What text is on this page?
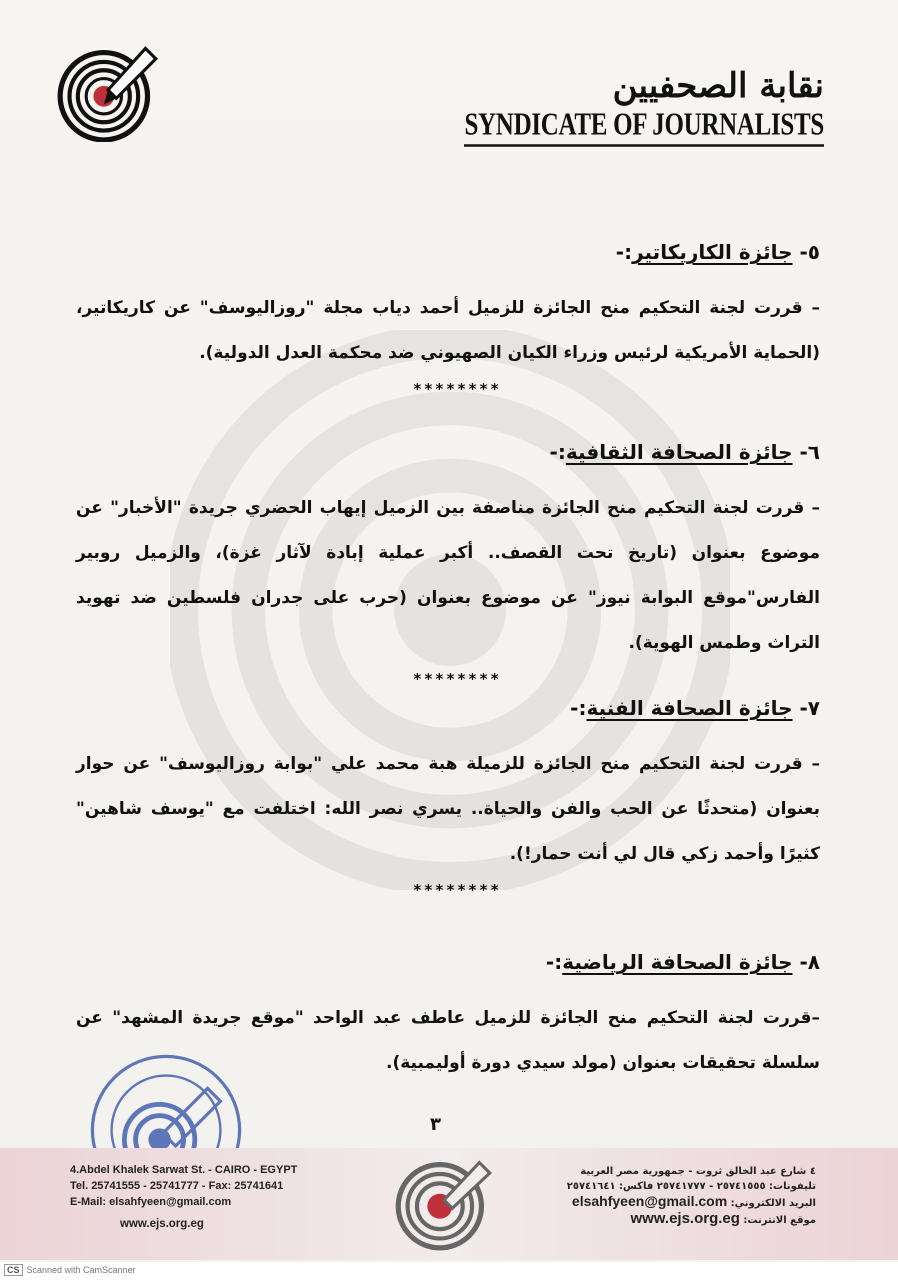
نقابة الصحفيين
SYNDICATE OF JOURNALISTS
٥- جائزة الكاريكاتير:-

– قررت لجنة التحكيم منح الجائزة للزميل أحمد دياب مجلة "روزاليوسف" عن كاريكاتير، (الحماية الأمريكية لرئيس وزراء الكيان الصهيوني ضد محكمة العدل الدولية).

********
٦- جائزة الصحافة الثقافية:-

– قررت لجنة التحكيم منح الجائزة مناصفة بين الزميل إيهاب الحضري جريدة "الأخبار" عن موضوع بعنوان (تاريخ تحت القصف.. أكبر عملية إبادة لآثار غزة)، والزميل روبير الفارس"موقع البوابة نيوز" عن موضوع بعنوان (حرب على جدران فلسطين ضد تهويد التراث وطمس الهوية).

********
٧- جائزة الصحافة الفنية:-

– قررت لجنة التحكيم منح الجائزة للزميلة هبة محمد علي "بوابة روزاليوسف" عن حوار بعنوان (متحدثًا عن الحب والفن والحياة.. يسري نصر الله: اختلفت مع "يوسف شاهين" كثيرًا وأحمد زكي قال لي أنت حمار!).

********
٨- جائزة الصحافة الرياضية:-

–قررت لجنة التحكيم منح الجائزة للزميل عاطف عبد الواحد "موقع جريدة المشهد" عن سلسلة تحقيقات بعنوان (مولد سيدي دورة أوليمبية).

٣
4.Abdel Khalek Sarwat St. - CAIRO - EGYPT
Tel. 25741555 - 25741777 - Fax: 25741641
E-Mail: elsahfyeen@gmail.com
www.ejs.org.eg
٤ شارع عبد الخالق ثروت - جمهورية مصر العربية
تليفونات: ٢٥٧٤١٥٥٥ - ٢٥٧٤١٧٧٧ فاكس: ٢٥٧٤١٦٤١
البريد الالكتروني: elsahfyeen@gmail.com
موقع الانترنت: www.ejs.org.eg
CS Scanned with CamScanner
